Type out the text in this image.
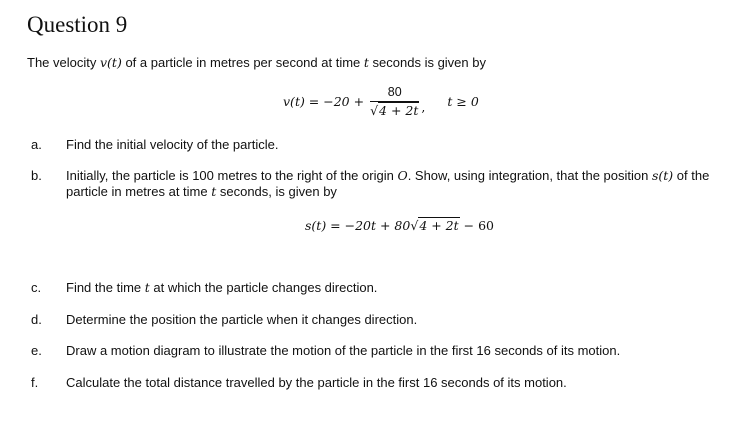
Question 9
The velocity v(t) of a particle in metres per second at time t seconds is given by
$v(t) = -20 + \frac{80}{√4 + 2t} _,$ t ≥ 0
a. Find the initial velocity of the particle.
b. Initially, the particle is 100 metres to the right of the origin O. Show, using integration, that the position s(t) of the particle in metres at time t seconds, is given by
s(t) = −20t + 80√4 + 2t − 60
c. Find the time t at which the particle changes direction.
d. Determine the position the particle when it changes direction.
e. Draw a motion diagram to illustrate the motion of the particle in the first 16 seconds of its motion.
f. Calculate the total distance travelled by the particle in the first 16 seconds of its motion.
